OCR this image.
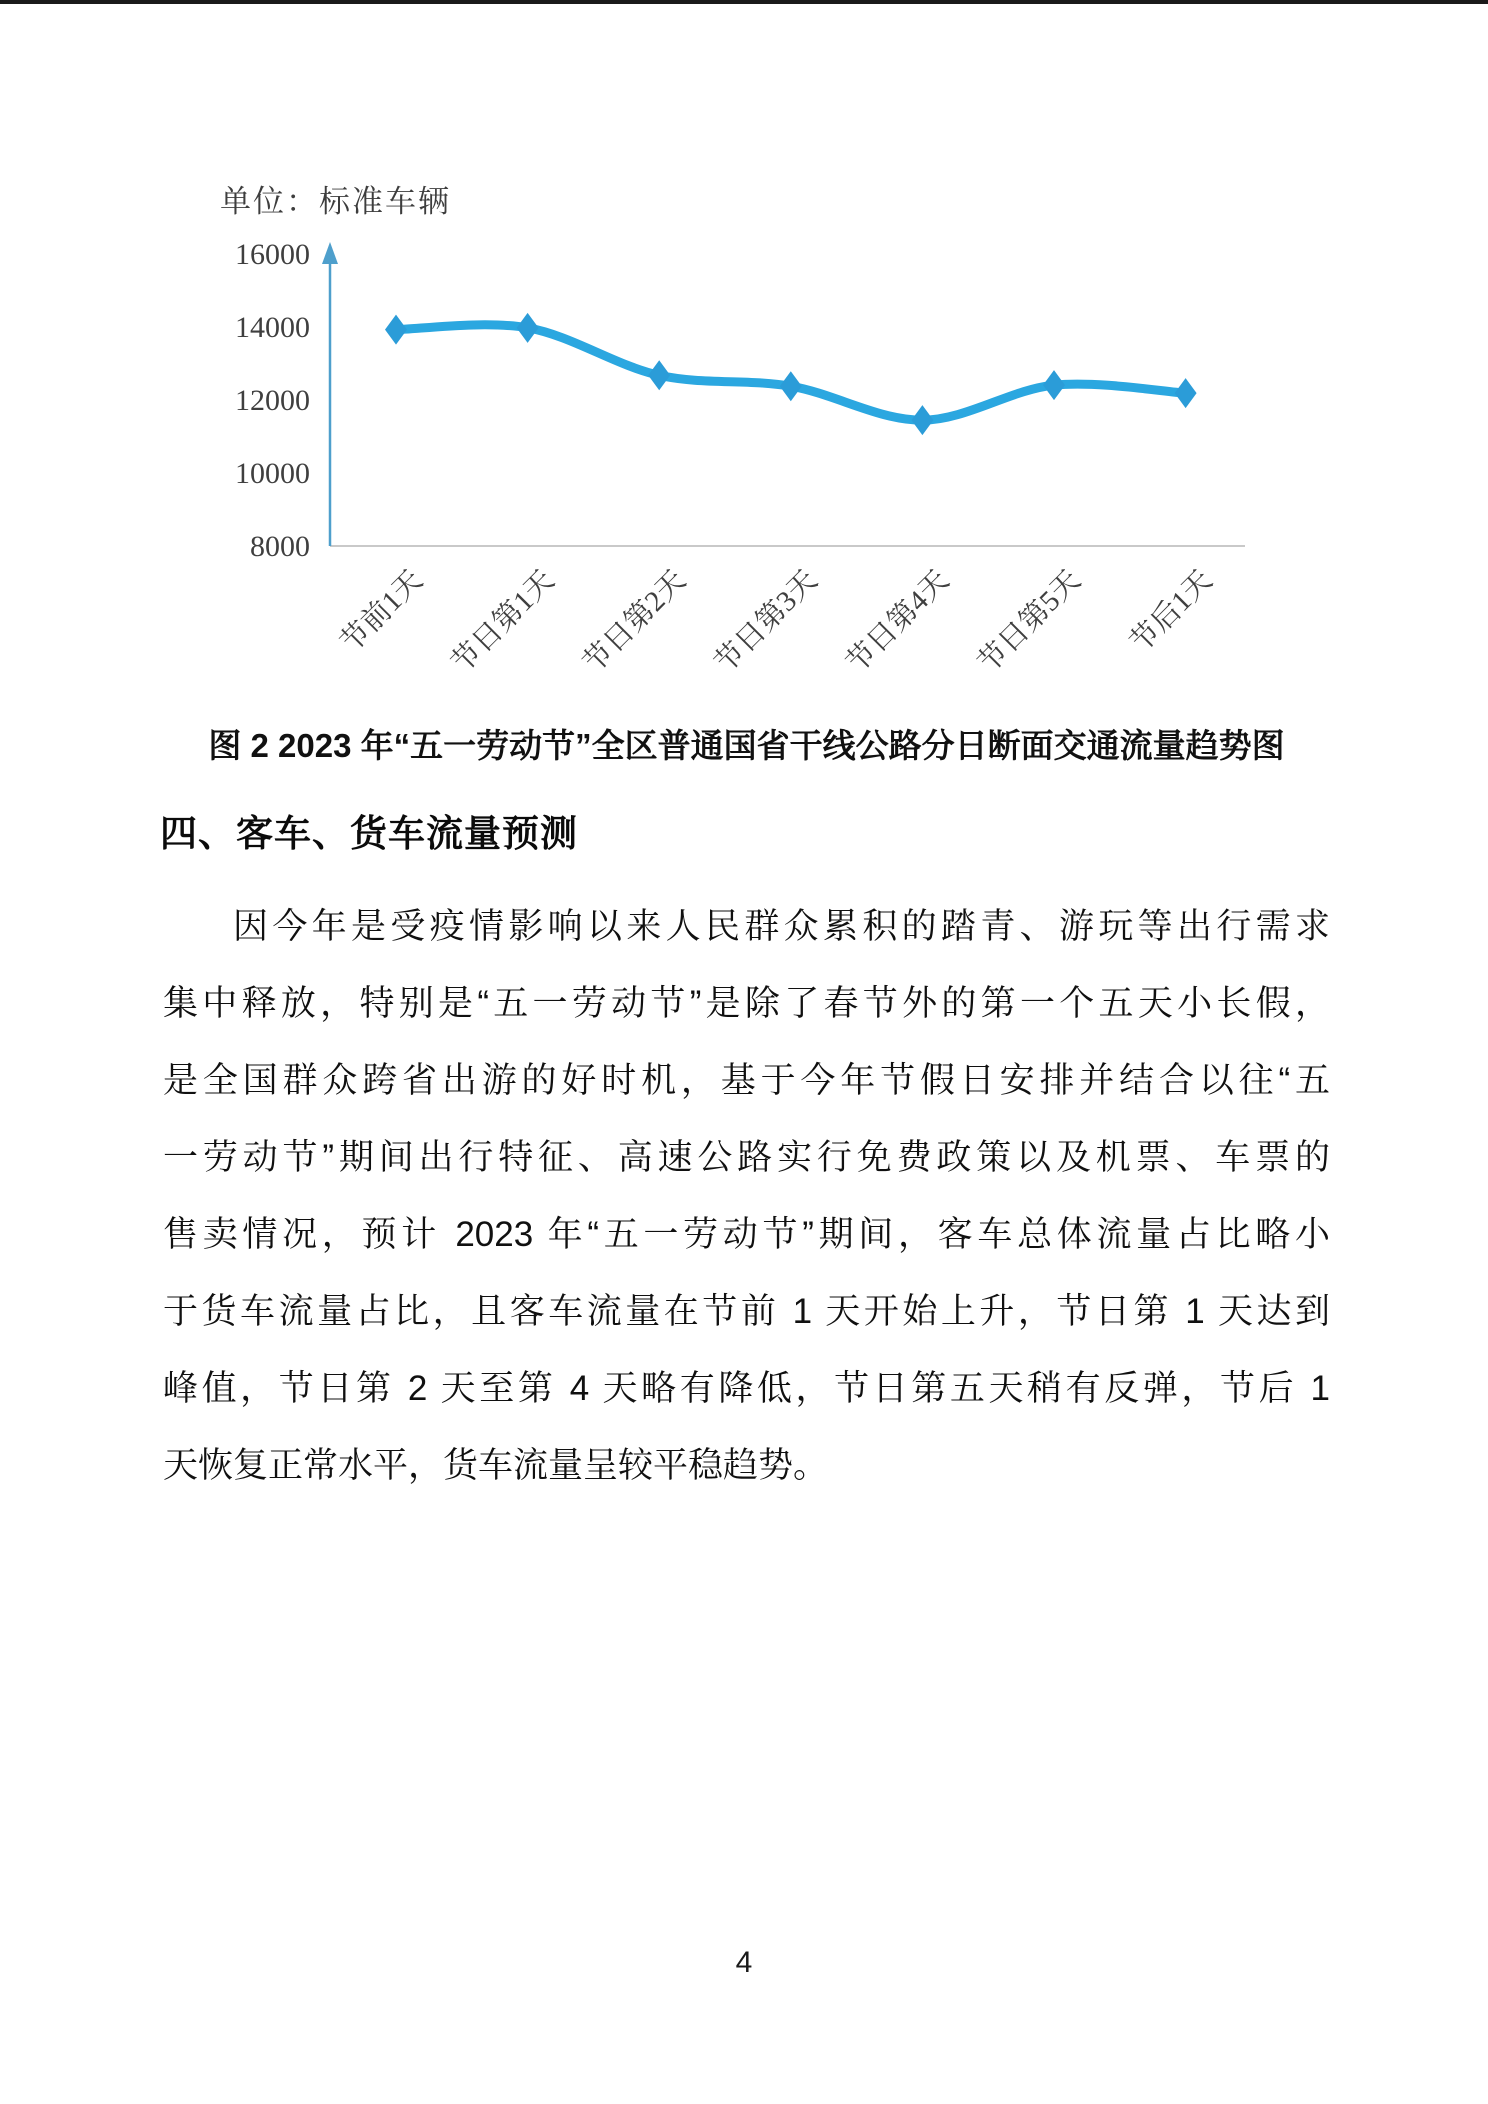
单位：标准车辆
8000
10000
12000
14000
16000
节前1天 节日第1天 节日第2天 节日第3天 节日第4天 节日第5天 节后1天
图 2 2023 年“五一劳动节”全区普通国省干线公路分日断面交通流量趋势图
四、客车、货车流量预测
因今年是受疫情影响以来人民群众累积的踏青、游玩等出行需求
集中释放，特别是“五一劳动节”是除了春节外的第一个五天小长假，
是全国群众跨省出游的好时机，基于今年节假日安排并结合以往“五
一劳动节”期间出行特征、高速公路实行免费政策以及机票、车票的
售卖情况，预计 2023 年“五一劳动节”期间，客车总体流量占比略小
于货车流量占比，且客车流量在节前 1 天开始上升，节日第 1 天达到
峰值，节日第 2 天至第 4 天略有降低，节日第五天稍有反弹，节后 1
天恢复正常水平，货车流量呈较平稳趋势。
4
